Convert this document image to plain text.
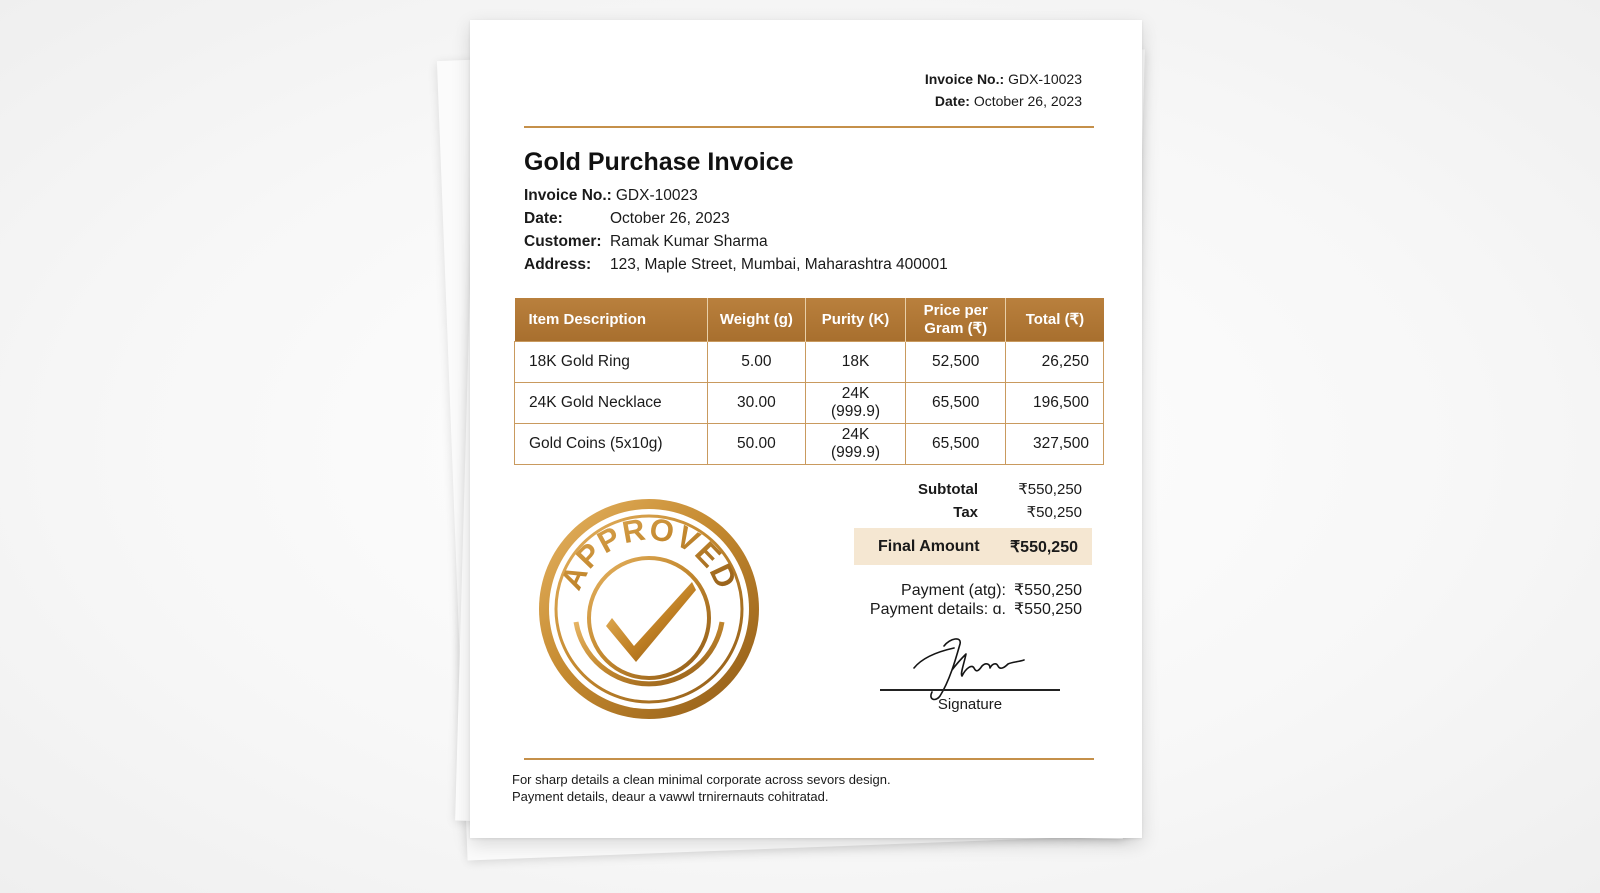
Invoice No.: GDX-10023
Date: October 26, 2023
Gold Purchase Invoice
Invoice No.: GDX-10023
Date:	October 26, 2023
Customer: Ramak Kumar Sharma
Address:	123, Maple Street, Mumbai, Maharashtra 400001
Item Description	Weight (g)	Purity (K)	Price per Gram (₹)	Total (₹)
18K Gold Ring	5.00	18K	52,500	26,250
24K Gold Necklace	30.00	24K (999.9)	65,500	196,500
Gold Coins (5x10g)	50.00	24K (999.9)	65,500	327,500
Subtotal	₹550,250
Tax	₹50,250
Final Amount ₹550,250
Payment (atg): ₹550,250
Payment details: ɑ. ₹550,250
Signature
APPROVED
For sharp details a clean minimal corporate across sevors design.
Payment details, deaur a vawwl trnirernauts cohitratad.
